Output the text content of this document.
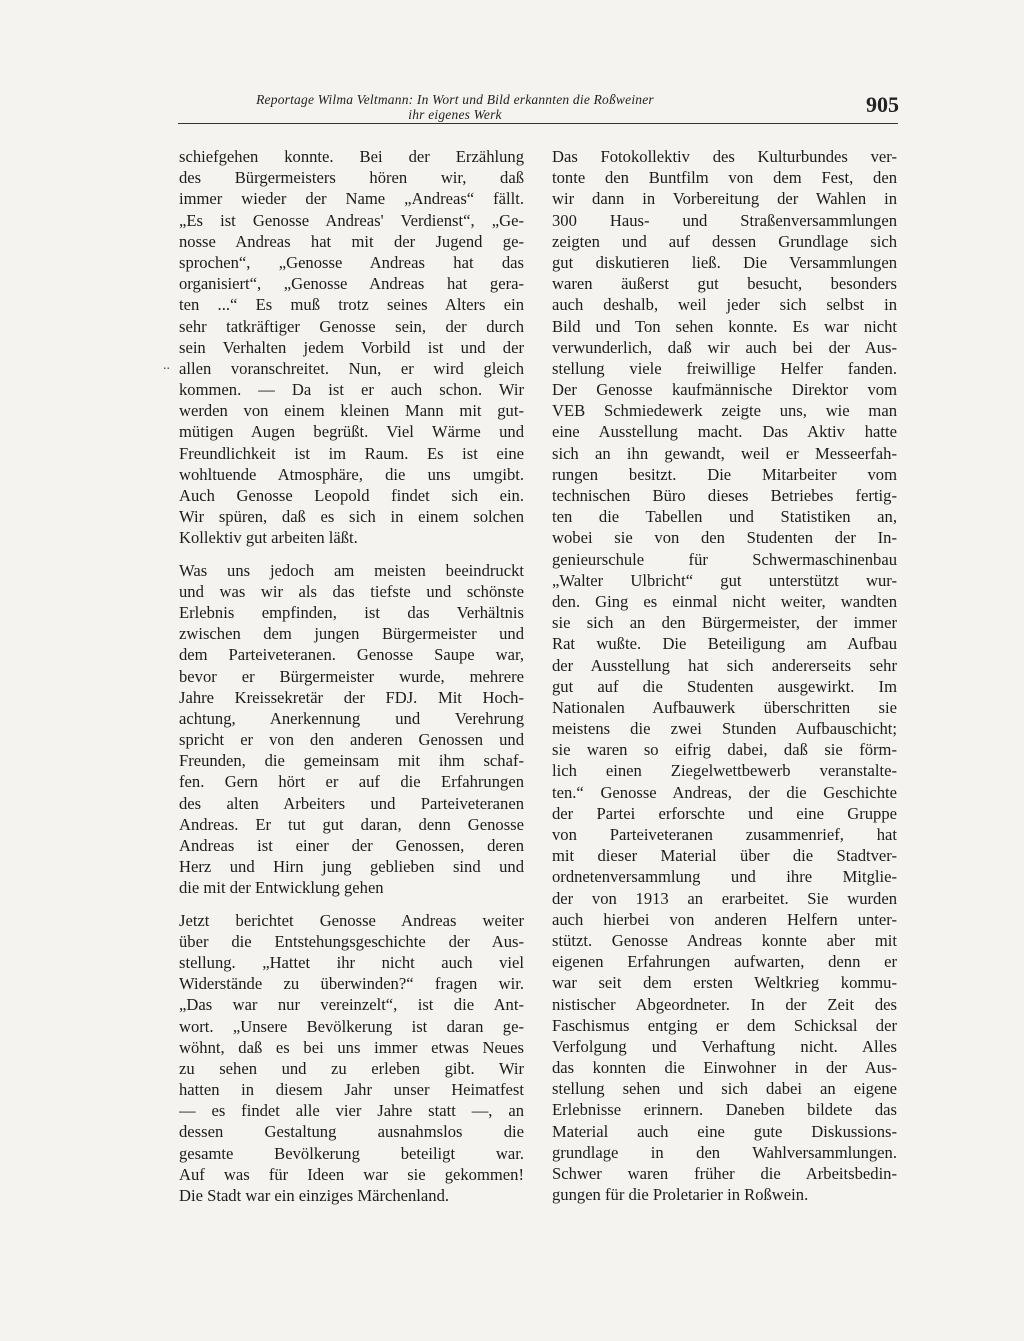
Reportage Wilma Veltmann: In Wort und Bild erkannten die Roßweiner
ihr eigenes Werk	905
..
schiefgehen konnte. Bei der Erzählung
des Bürgermeisters hören wir, daß
immer wieder der Name „Andreas“ fällt.
„Es ist Genosse Andreas' Verdienst“, „Ge-
nosse Andreas hat mit der Jugend ge-
sprochen“, „Genosse Andreas hat das
organisiert“, „Genosse Andreas hat gera-
ten ...“ Es muß trotz seines Alters ein
sehr tatkräftiger Genosse sein, der durch
sein Verhalten jedem Vorbild ist und der
allen voranschreitet. Nun, er wird gleich
kommen. — Da ist er auch schon. Wir
werden von einem kleinen Mann mit gut-
mütigen Augen begrüßt. Viel Wärme und
Freundlichkeit ist im Raum. Es ist eine
wohltuende Atmosphäre, die uns umgibt.
Auch Genosse Leopold findet sich ein.
Wir spüren, daß es sich in einem solchen
Kollektiv gut arbeiten läßt.
Was uns jedoch am meisten beeindruckt
und was wir als das tiefste und schönste
Erlebnis empfinden, ist das Verhältnis
zwischen dem jungen Bürgermeister und
dem Parteiveteranen. Genosse Saupe war,
bevor er Bürgermeister wurde, mehrere
Jahre Kreissekretär der FDJ. Mit Hoch-
achtung, Anerkennung und Verehrung
spricht er von den anderen Genossen und
Freunden, die gemeinsam mit ihm schaf-
fen. Gern hört er auf die Erfahrungen
des alten Arbeiters und Parteiveteranen
Andreas. Er tut gut daran, denn Genosse
Andreas ist einer der Genossen, deren
Herz und Hirn jung geblieben sind und
die mit der Entwicklung gehen
Jetzt berichtet Genosse Andreas weiter
über die Entstehungsgeschichte der Aus-
stellung. „Hattet ihr nicht auch viel
Widerstände zu überwinden?“ fragen wir.
„Das war nur vereinzelt“, ist die Ant-
wort. „Unsere Bevölkerung ist daran ge-
wöhnt, daß es bei uns immer etwas Neues
zu sehen und zu erleben gibt. Wir
hatten in diesem Jahr unser Heimatfest
— es findet alle vier Jahre statt —, an
dessen Gestaltung ausnahmslos die
gesamte Bevölkerung beteiligt war.
Auf was für Ideen war sie gekommen!
Die Stadt war ein einziges Märchenland.
Das Fotokollektiv des Kulturbundes ver-
tonte den Buntfilm von dem Fest, den
wir dann in Vorbereitung der Wahlen in
300 Haus- und Straßenversammlungen
zeigten und auf dessen Grundlage sich
gut diskutieren ließ. Die Versammlungen
waren äußerst gut besucht, besonders
auch deshalb, weil jeder sich selbst in
Bild und Ton sehen konnte. Es war nicht
verwunderlich, daß wir auch bei der Aus-
stellung viele freiwillige Helfer fanden.
Der Genosse kaufmännische Direktor vom
VEB Schmiedewerk zeigte uns, wie man
eine Ausstellung macht. Das Aktiv hatte
sich an ihn gewandt, weil er Messeerfah-
rungen besitzt. Die Mitarbeiter vom
technischen Büro dieses Betriebes fertig-
ten die Tabellen und Statistiken an,
wobei sie von den Studenten der In-
genieurschule für Schwermaschinenbau
„Walter Ulbricht“ gut unterstützt wur-
den. Ging es einmal nicht weiter, wandten
sie sich an den Bürgermeister, der immer
Rat wußte. Die Beteiligung am Aufbau
der Ausstellung hat sich andererseits sehr
gut auf die Studenten ausgewirkt. Im
Nationalen Aufbauwerk überschritten sie
meistens die zwei Stunden Aufbauschicht;
sie waren so eifrig dabei, daß sie förm-
lich einen Ziegelwettbewerb veranstalte-
ten.“ Genosse Andreas, der die Geschichte
der Partei erforschte und eine Gruppe
von Parteiveteranen zusammenrief, hat
mit dieser Material über die Stadtver-
ordnetenversammlung und ihre Mitglie-
der von 1913 an erarbeitet. Sie wurden
auch hierbei von anderen Helfern unter-
stützt. Genosse Andreas konnte aber mit
eigenen Erfahrungen aufwarten, denn er
war seit dem ersten Weltkrieg kommu-
nistischer Abgeordneter. In der Zeit des
Faschismus entging er dem Schicksal der
Verfolgung und Verhaftung nicht. Alles
das konnten die Einwohner in der Aus-
stellung sehen und sich dabei an eigene
Erlebnisse erinnern. Daneben bildete das
Material auch eine gute Diskussions-
grundlage in den Wahlversammlungen.
Schwer waren früher die Arbeitsbedin-
gungen für die Proletarier in Roßwein.
